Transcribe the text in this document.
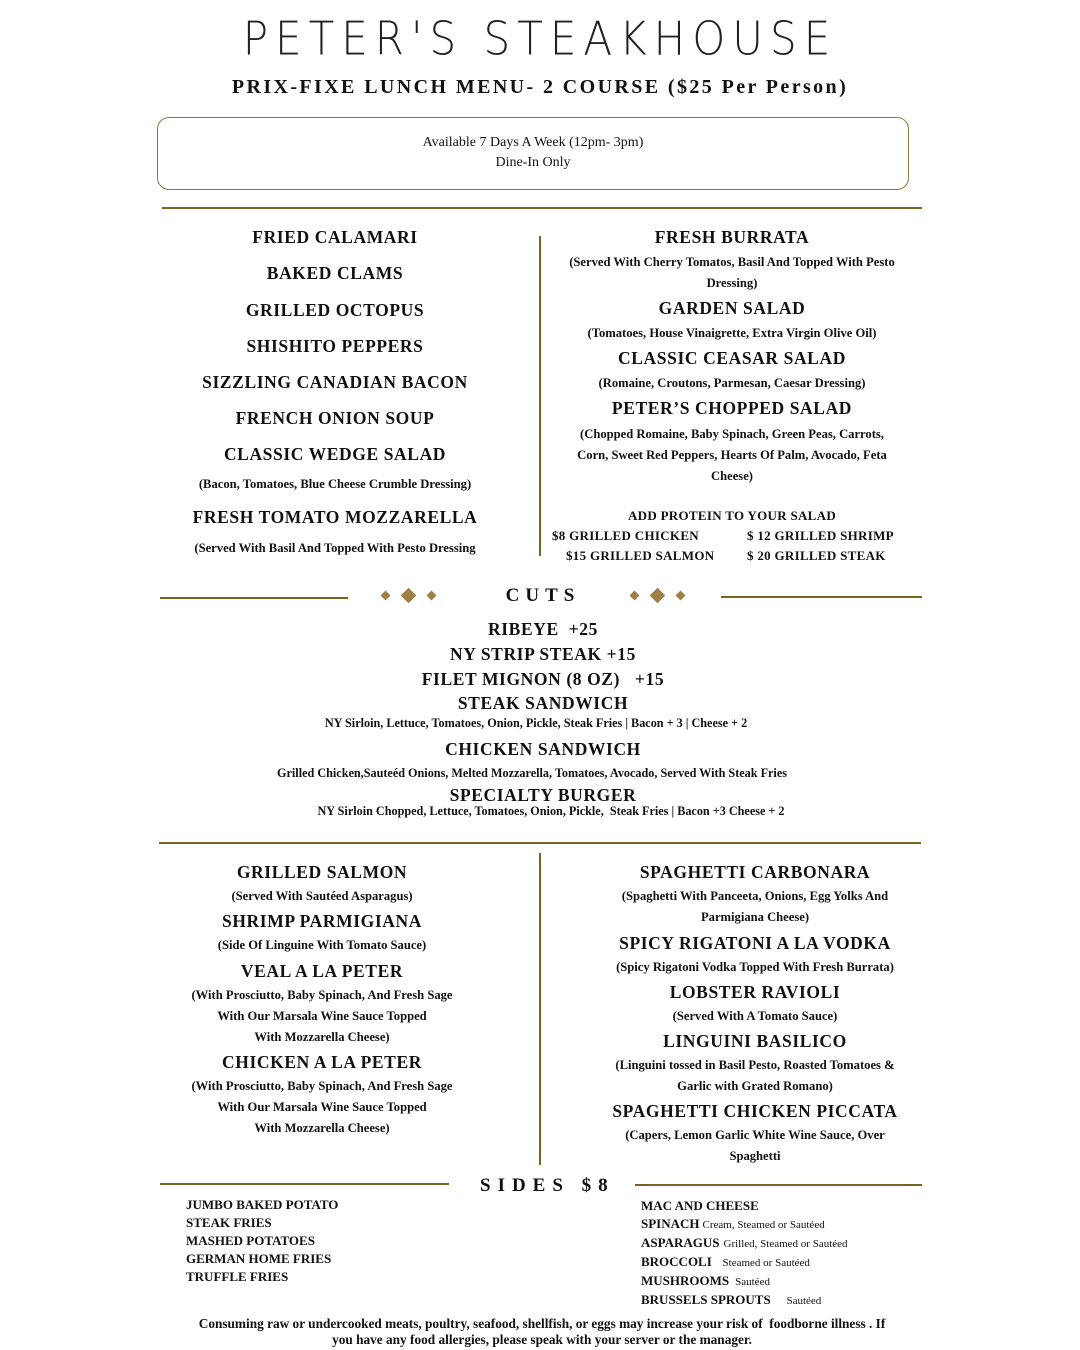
PETER'S STEAKHOUSE
PRIX-FIXE LUNCH MENU- 2 COURSE ($25 Per Person)
Available 7 Days A Week (12pm- 3pm)
Dine-In Only
FRIED CALAMARI
BAKED CLAMS
GRILLED OCTOPUS
SHISHITO PEPPERS
SIZZLING CANADIAN BACON
FRENCH ONION SOUP
CLASSIC WEDGE SALAD
(Bacon, Tomatoes, Blue Cheese Crumble Dressing)
FRESH TOMATO MOZZARELLA
(Served With Basil And Topped With Pesto Dressing
FRESH BURRATA
(Served With Cherry Tomatos, Basil And Topped With Pesto
Dressing)
GARDEN SALAD
(Tomatoes, House Vinaigrette, Extra Virgin Olive Oil)
CLASSIC CEASAR SALAD
(Romaine, Croutons, Parmesan, Caesar Dressing)
PETER’S CHOPPED SALAD
(Chopped Romaine, Baby Spinach, Green Peas, Carrots,
Corn, Sweet Red Peppers, Hearts Of Palm, Avocado, Feta
Cheese)
ADD PROTEIN TO YOUR SALAD
$8 GRILLED CHICKEN	$ 12 GRILLED SHRIMP
$15 GRILLED SALMON	$ 20 GRILLED STEAK
CUTS
RIBEYE  +25
NY STRIP STEAK +15
FILET MIGNON (8 OZ)   +15
STEAK SANDWICH
NY Sirloin, Lettuce, Tomatoes, Onion, Pickle, Steak Fries | Bacon + 3 | Cheese + 2
CHICKEN SANDWICH
Grilled Chicken,Sauteéd Onions, Melted Mozzarella, Tomatoes, Avocado, Served With Steak Fries
SPECIALTY BURGER
NY Sirloin Chopped, Lettuce, Tomatoes, Onion, Pickle,  Steak Fries | Bacon +3 Cheese + 2
GRILLED SALMON
(Served With Sautéed Asparagus)
SHRIMP PARMIGIANA
(Side Of Linguine With Tomato Sauce)
VEAL A LA PETER
(With Prosciutto, Baby Spinach, And Fresh Sage
With Our Marsala Wine Sauce Topped
With Mozzarella Cheese)
CHICKEN A LA PETER
(With Prosciutto, Baby Spinach, And Fresh Sage
With Our Marsala Wine Sauce Topped
With Mozzarella Cheese)
SPAGHETTI CARBONARA
(Spaghetti With Panceeta, Onions, Egg Yolks And
Parmigiana Cheese)
SPICY RIGATONI A LA VODKA
(Spicy Rigatoni Vodka Topped With Fresh Burrata)
LOBSTER RAVIOLI
(Served With A Tomato Sauce)
LINGUINI BASILICO
(Linguini tossed in Basil Pesto, Roasted Tomatoes &
Garlic with Grated Romano)
SPAGHETTI CHICKEN PICCATA
(Capers, Lemon Garlic White Wine Sauce, Over
Spaghetti
SIDES $8
JUMBO BAKED POTATO
STEAK FRIES
MASHED POTATOES
GERMAN HOME FRIES
TRUFFLE FRIES
MAC AND CHEESE
SPINACH Cream, Steamed or Sautéed
ASPARAGUS Grilled, Steamed or Sautéed
BROCCOLI Steamed or Sautéed
MUSHROOMS Sautéed
BRUSSELS SPROUTS Sautéed
Consuming raw or undercooked meats, poultry, seafood, shellfish, or eggs may increase your risk of  foodborne illness . If
you have any food allergies, please speak with your server or the manager.
